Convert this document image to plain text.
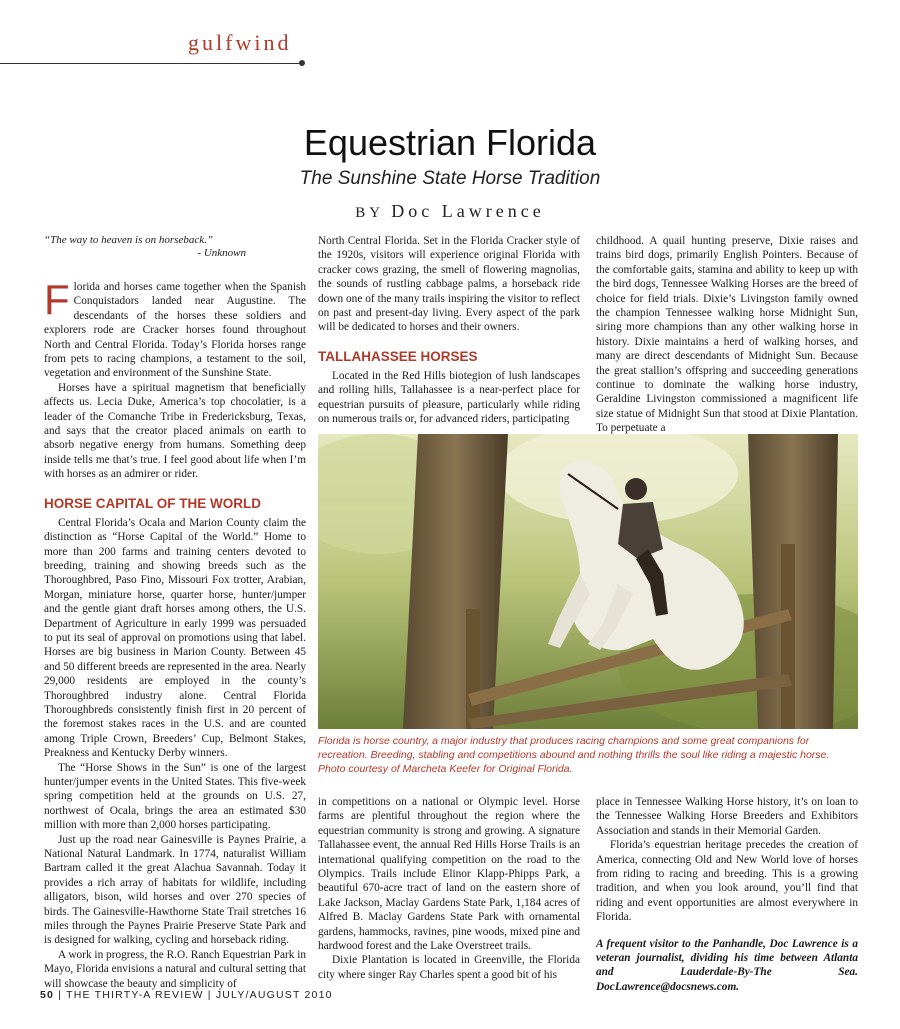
gulfwind
Equestrian Florida
The Sunshine State Horse Tradition
BY Doc Lawrence
“The way to heaven is on horseback.”
- Unknown

Florida and horses came together when the Spanish Conquistadors landed near Augustine. The descendants of the horses these soldiers and explorers rode are Cracker horses found throughout North and Central Florida. Today’s Florida horses range from pets to racing champions, a testament to the soil, vegetation and environment of the Sunshine State.

Horses have a spiritual magnetism that beneficially affects us. Lecia Duke, America’s top chocolatier, is a leader of the Comanche Tribe in Fredericksburg, Texas, and says that the creator placed animals on earth to absorb negative energy from humans. Something deep inside tells me that’s true. I feel good about life when I’m with horses as an admirer or rider.

HORSE CAPITAL OF THE WORLD

Central Florida’s Ocala and Marion County claim the distinction as “Horse Capital of the World.” Home to more than 200 farms and training centers devoted to breeding, training and showing breeds such as the Thoroughbred, Paso Fino, Missouri Fox trotter, Arabian, Morgan, miniature horse, quarter horse, hunter/jumper and the gentle giant draft horses among others, the U.S. Department of Agriculture in early 1999 was persuaded to put its seal of approval on promotions using that label. Horses are big business in Marion County. Between 45 and 50 different breeds are represented in the area. Nearly 29,000 residents are employed in the county’s Thoroughbred industry alone. Central Florida Thoroughbreds consistently finish first in 20 percent of the foremost stakes races in the U.S. and are counted among Triple Crown, Breeders’ Cup, Belmont Stakes, Preakness and Kentucky Derby winners.

The “Horse Shows in the Sun” is one of the largest hunter/jumper events in the United States. This five-week spring competition held at the grounds on U.S. 27, northwest of Ocala, brings the area an estimated $30 million with more than 2,000 horses participating.

Just up the road near Gainesville is Paynes Prairie, a National Natural Landmark. In 1774, naturalist William Bartram called it the great Alachua Savannah. Today it provides a rich array of habitats for wildlife, including alligators, bison, wild horses and over 270 species of birds. The Gainesville-Hawthorne State Trail stretches 16 miles through the Paynes Prairie Preserve State Park and is designed for walking, cycling and horseback riding.

A work in progress, the R.O. Ranch Equestrian Park in Mayo, Florida envisions a natural and cultural setting that will showcase the beauty and simplicity of

North Central Florida. Set in the Florida Cracker style of the 1920s, visitors will experience original Florida with cracker cows grazing, the smell of flowering magnolias, the sounds of rustling cabbage palms, a horseback ride down one of the many trails inspiring the visitor to reflect on past and present-day living. Every aspect of the park will be dedicated to horses and their owners.

TALLAHASSEE HORSES

Located in the Red Hills biotegion of lush landscapes and rolling hills, Tallahassee is a near-perfect place for equestrian pursuits of pleasure, particularly while riding on numerous trails or, for advanced riders, participating

childhood. A quail hunting preserve, Dixie raises and trains bird dogs, primarily English Pointers. Because of the comfortable gaits, stamina and ability to keep up with the bird dogs, Tennessee Walking Horses are the breed of choice for field trials. Dixie’s Livingston family owned the champion Tennessee walking horse Midnight Sun, siring more champions than any other walking horse in history. Dixie maintains a herd of walking horses, and many are direct descendants of Midnight Sun. Because the great stallion’s offspring and succeeding generations continue to dominate the walking horse industry, Geraldine Livingston commissioned a magnificent life size statue of Midnight Sun that stood at Dixie Plantation. To perpetuate a

Florida is horse country, a major industry that produces racing champions and some great companions for recreation. Breeding, stabling and competitions abound and nothing thrills the soul like riding a majestic horse. Photo courtesy of Marcheta Keefer for Original Florida.

in competitions on a national or Olympic level. Horse farms are plentiful throughout the region where the equestrian community is strong and growing. A signature Tallahassee event, the annual Red Hills Horse Trails is an international qualifying competition on the road to the Olympics. Trails include Elinor Klapp-Phipps Park, a beautiful 670-acre tract of land on the eastern shore of Lake Jackson, Maclay Gardens State Park, 1,184 acres of Alfred B. Maclay Gardens State Park with ornamental gardens, hammocks, ravines, pine woods, mixed pine and hardwood forest and the Lake Overstreet trails.

Dixie Plantation is located in Greenville, the Florida city where singer Ray Charles spent a good bit of his

place in Tennessee Walking Horse history, it’s on loan to the Tennessee Walking Horse Breeders and Exhibitors Association and stands in their Memorial Garden.

Florida’s equestrian heritage precedes the creation of America, connecting Old and New World love of horses from riding to racing and breeding. This is a growing tradition, and when you look around, you’ll find that riding and event opportunities are almost everywhere in Florida.

A frequent visitor to the Panhandle, Doc Lawrence is a veteran journalist, dividing his time between Atlanta and Lauderdale-By-The Sea. DocLawrence@docsnews.com.

50 | THE THIRTY-A REVIEW | JULY/AUGUST 2010
